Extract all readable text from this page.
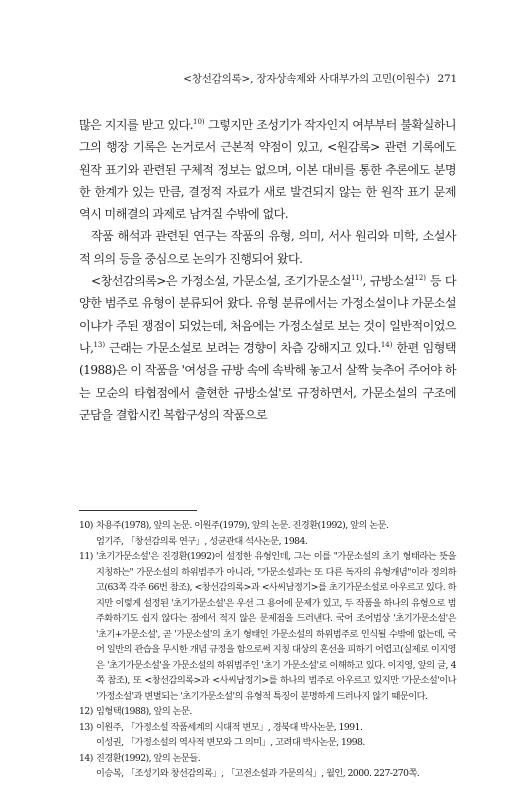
<창선감의록>, 장자상속제와 사대부가의 고민(이원수) 271

많은 지지를 받고 있다.$^{10)}$ 그렇지만 조성기가 작자인지 여부부터 불확실하니 그의 행장 기록은 논거로서 근본적 약점이 있고, <원감록> 관련 기록에도 원작 표기와 관련된 구체적 정보는 없으며, 이본 대비를 통한 추론에도 분명한 한계가 있는 만큼, 결정적 자료가 새로 발견되지 않는 한 원작 표기 문제 역시 미해결의 과제로 남겨질 수밖에 없다.

작품 해석과 관련된 연구는 작품의 유형, 의미, 서사 원리와 미학, 소설사적 의의 등을 중심으로 논의가 진행되어 왔다.

<창선감의록>은 가정소설, 가문소설, 조기가문소설$^{11)}$, 규방소설$^{12)}$ 등 다양한 범주로 유형이 분류되어 왔다. 유형 분류에서는 가정소설이냐 가문소설이냐가 주된 쟁점이 되었는데, 처음에는 가정소설로 보는 것이 일반적이었으나,$^{13)}$ 근래는 가문소설로 보려는 경향이 차츰 강해지고 있다.$^{14)}$ 한편 임형택(1988)은 이 작품을 '여성을 규방 속에 속박해 놓고서 살짝 늦추어 주어야 하는 모순의 타협점에서 출현한 규방소설'로 규정하면서, 가문소설의 구조에 군담을 결합시킨 복합구성의 작품으로

10) 차용주(1978), 앞의 논문. 이원주(1979), 앞의 논문. 진경환(1992), 앞의 논문.
엄기주, 「창선감의록 연구」, 성균관대 석사논문, 1984.
11) '초기가문소설'은 진경환(1992)이 설정한 유형인데, 그는 이를 "가문소설의 초기 형태라는 뜻을 지칭하는" 가문소설의 하위범주가 아니라, "가문소설과는 또 다른 독자의 유형개념"이라 정의하고(63쪽 각주 66번 참조), <창선감의록>과 <사씨남정기>를 초기가문소설로 아우르고 있다. 하지만 이렇게 설정된 '초기가문소설'은 우선 그 용어에 문제가 있고, 두 작품을 하나의 유형으로 범주화하기도 쉽지 않다는 점에서 적지 않은 문제점을 드러낸다. 국어 조어법상 '초기가문소설'은 '초기+가문소설', 곧 '가문소설'의 초기 형태인 가문소설의 하위범주로 인식될 수밖에 없는데, 국어 일반의 관습을 무시한 개념 규정을 함으로써 지칭 대상의 혼선을 피하기 어렵고(실제로 이지영은 '초기가문소설'을 가문소설의 하위범주인 '초기 가문소설'로 이해하고 있다. 이지영, 앞의 글, 4쪽 참조), 또 <창선감의록>과 <사씨남정기>를 하나의 범주로 아우르고 있지만 '가문소설'이나 '가정소설'과 변별되는 '초기가문소설'의 유형적 특징이 분명하게 드러나지 않기 때문이다.
12) 임형택(1988), 앞의 논문.
13) 이원주, 「가정소설 작품세계의 시대적 변모」, 경북대 박사논문, 1991.
이성권, 「가정소설의 역사적 변모와 그 의미」, 고려대 박사논문, 1998.
14) 진경환(1992), 앞의 논문들.
이승복, 「조성기와 창선감의록」, 「고전소설과 가문의식」, 월인, 2000. 227-270쪽.
